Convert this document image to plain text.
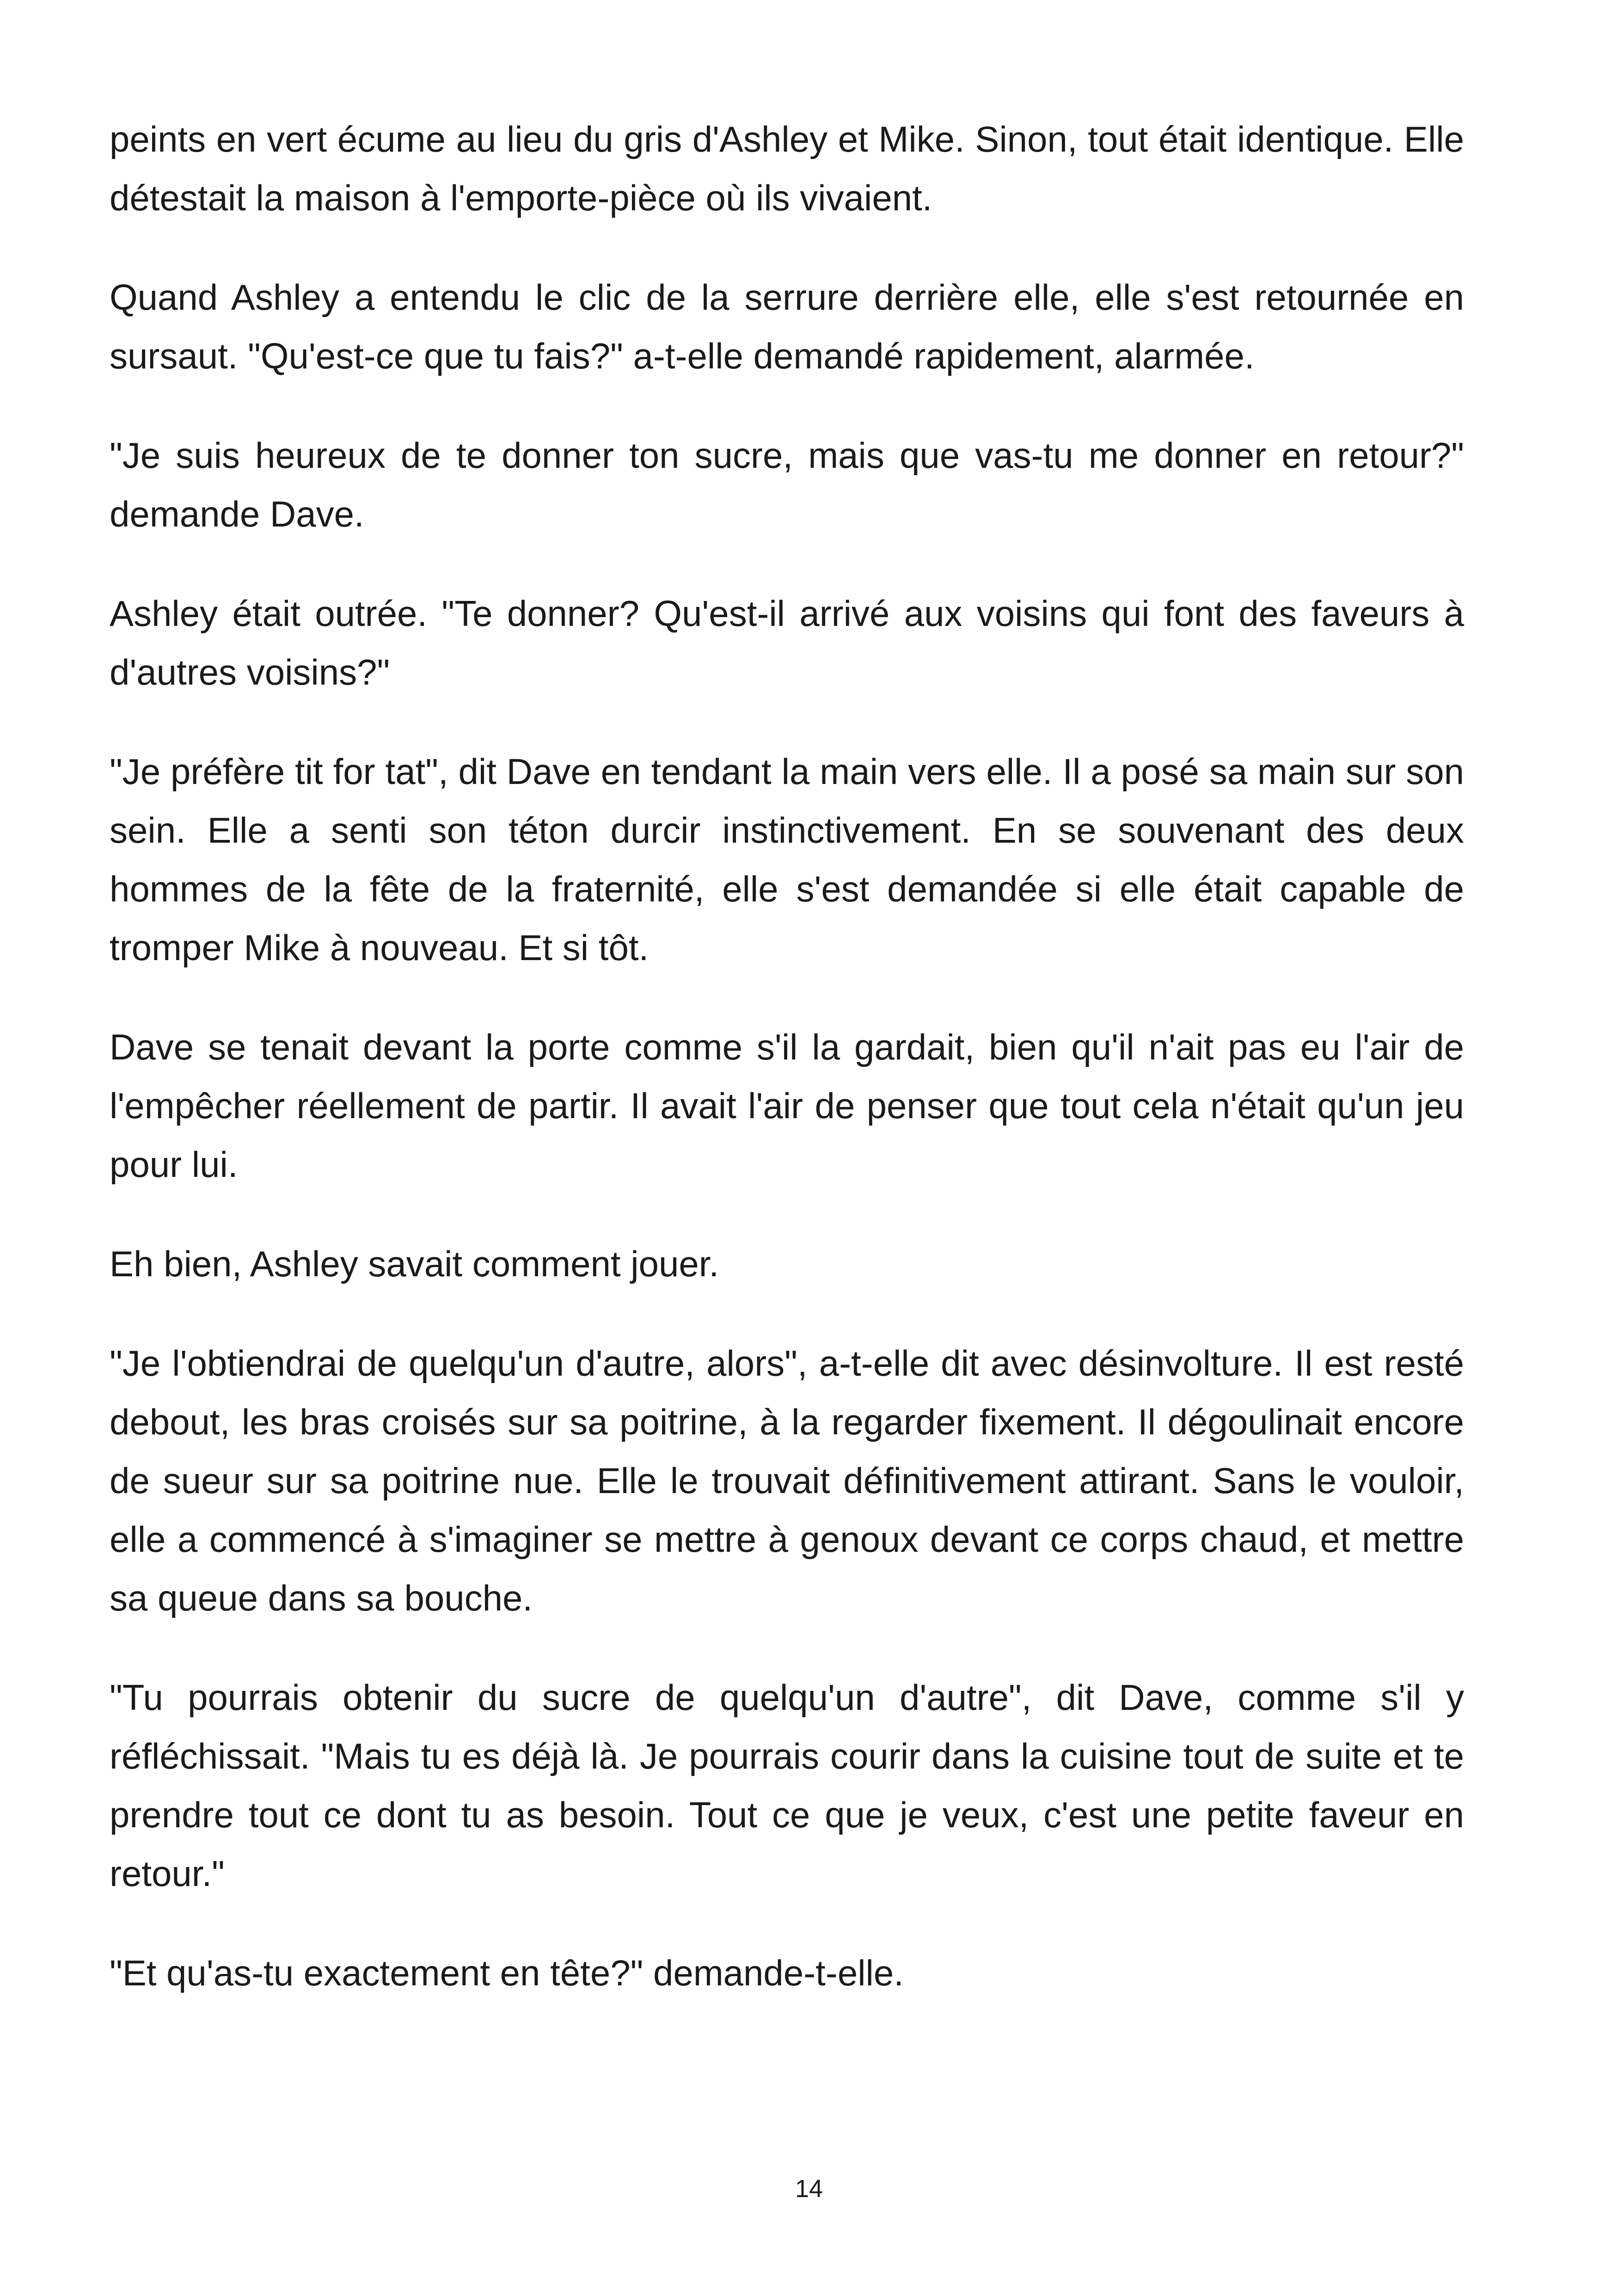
peints en vert écume au lieu du gris d'Ashley et Mike. Sinon, tout était identique. Elle détestait la maison à l'emporte-pièce où ils vivaient.

Quand Ashley a entendu le clic de la serrure derrière elle, elle s'est retournée en sursaut. "Qu'est-ce que tu fais?" a-t-elle demandé rapidement, alarmée.

"Je suis heureux de te donner ton sucre, mais que vas-tu me donner en retour?" demande Dave.

Ashley était outrée. "Te donner? Qu'est-il arrivé aux voisins qui font des faveurs à d'autres voisins?"

"Je préfère tit for tat", dit Dave en tendant la main vers elle. Il a posé sa main sur son sein. Elle a senti son téton durcir instinctivement. En se souvenant des deux hommes de la fête de la fraternité, elle s'est demandée si elle était capable de tromper Mike à nouveau. Et si tôt.

Dave se tenait devant la porte comme s'il la gardait, bien qu'il n'ait pas eu l'air de l'empêcher réellement de partir. Il avait l'air de penser que tout cela n'était qu'un jeu pour lui.

Eh bien, Ashley savait comment jouer.

"Je l'obtiendrai de quelqu'un d'autre, alors", a-t-elle dit avec désinvolture. Il est resté debout, les bras croisés sur sa poitrine, à la regarder fixement. Il dégoulinait encore de sueur sur sa poitrine nue. Elle le trouvait définitivement attirant. Sans le vouloir, elle a commencé à s'imaginer se mettre à genoux devant ce corps chaud, et mettre sa queue dans sa bouche.

"Tu pourrais obtenir du sucre de quelqu'un d'autre", dit Dave, comme s'il y réfléchissait. "Mais tu es déjà là. Je pourrais courir dans la cuisine tout de suite et te prendre tout ce dont tu as besoin. Tout ce que je veux, c'est une petite faveur en retour."

"Et qu'as-tu exactement en tête?" demande-t-elle.

14
